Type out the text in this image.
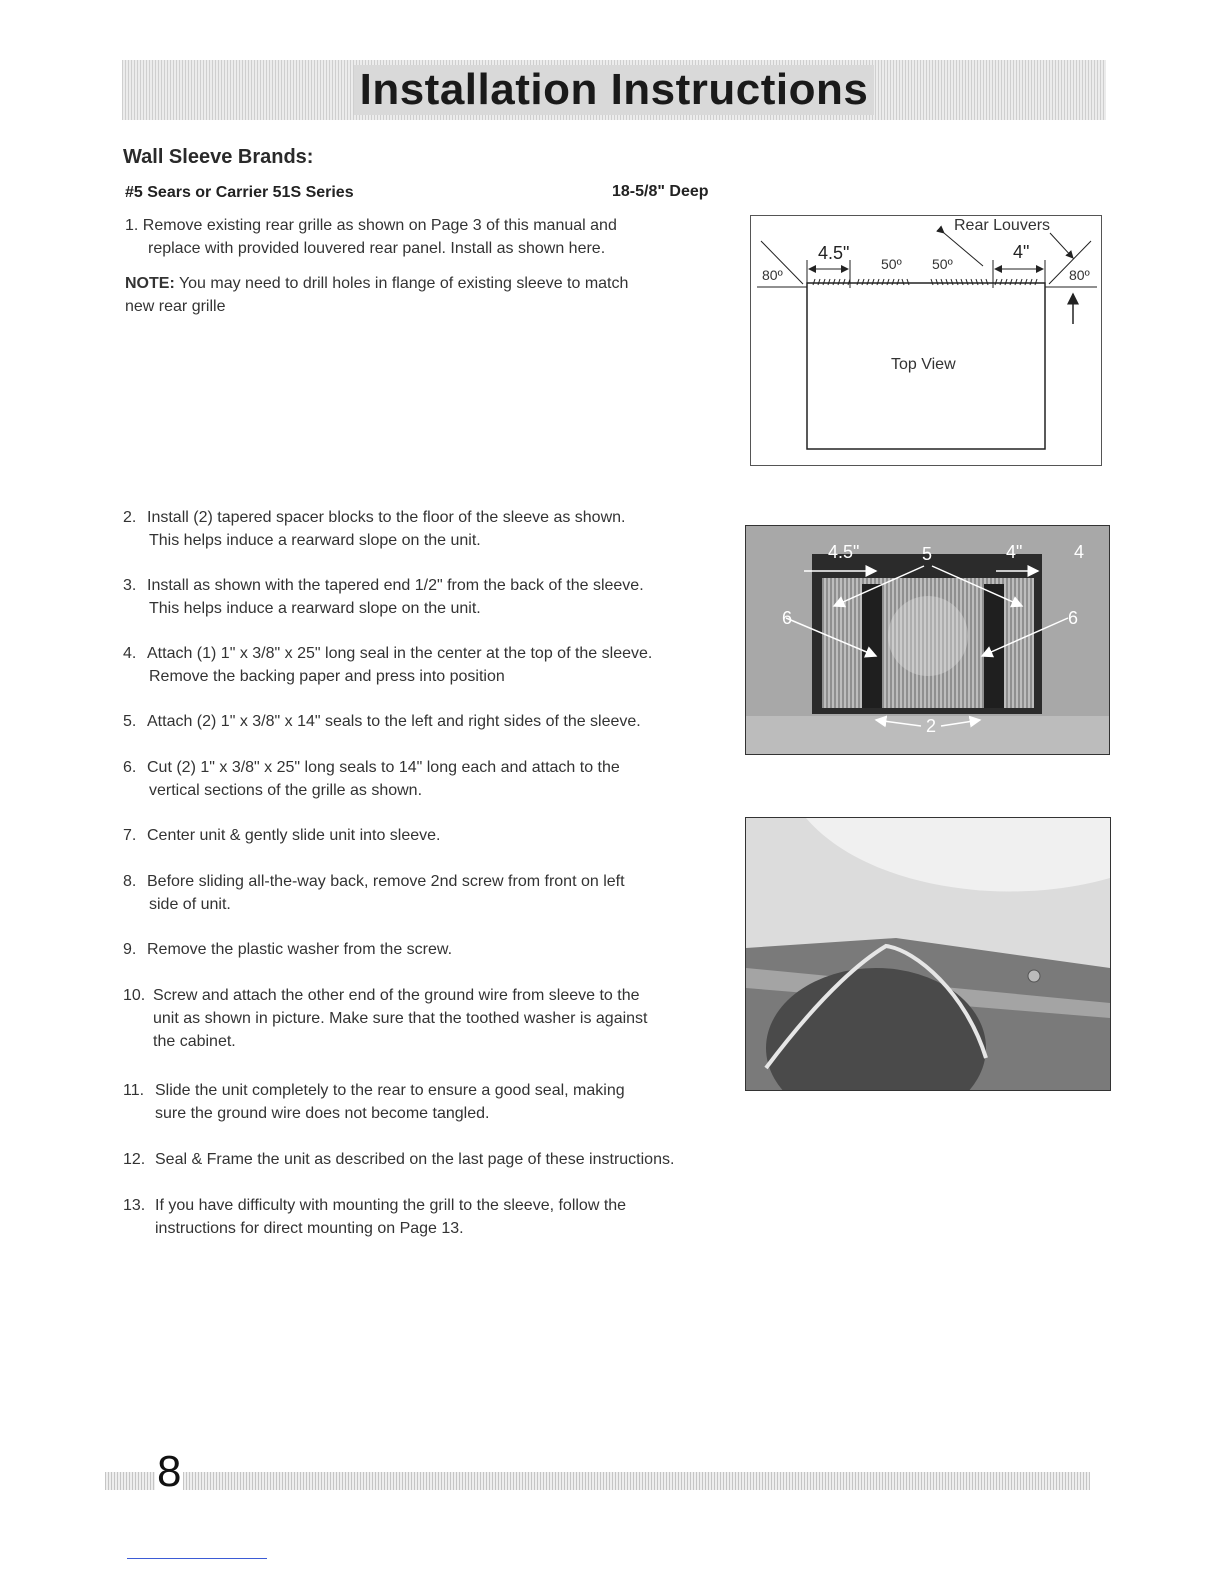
Installation Instructions
Wall Sleeve Brands:
#5 Sears or Carrier 51S Series	18-5/8" Deep
1. Remove existing rear grille as shown on Page 3 of this manual and
replace with provided louvered rear panel. Install as shown here.
NOTE: You may need to drill holes in flange of existing sleeve to match
new rear grille
Rear Louvers
4.5"	4"
50º 50º
80º	80º
Top View
4.5"	5	4"	4
6	6
2
2. Install (2) tapered spacer blocks to the floor of the sleeve as shown.
This helps induce a rearward slope on the unit.
3. Install as shown with the tapered end 1/2" from the back of the sleeve.
This helps induce a rearward slope on the unit.
4. Attach (1) 1" x 3/8" x 25" long seal in the center at the top of the sleeve.
Remove the backing paper and press into position
5. Attach (2) 1" x 3/8" x 14" seals to the left and right sides of the sleeve.
6. Cut (2) 1" x 3/8" x 25" long seals to 14" long each and attach to the
vertical sections of the grille as shown.
7. Center unit & gently slide unit into sleeve.
8. Before sliding all-the-way back, remove 2nd screw from front on left
side of unit.
9. Remove the plastic washer from the screw.
10. Screw and attach the other end of the ground wire from sleeve to the
unit as shown in picture. Make sure that the toothed washer is against
the cabinet.
11. Slide the unit completely to the rear to ensure a good seal, making
sure the ground wire does not become tangled.
12. Seal & Frame the unit as described on the last page of these instructions.
13. If you have difficulty with mounting the grill to the sleeve, follow the
instructions for direct mounting on Page 13.
8
